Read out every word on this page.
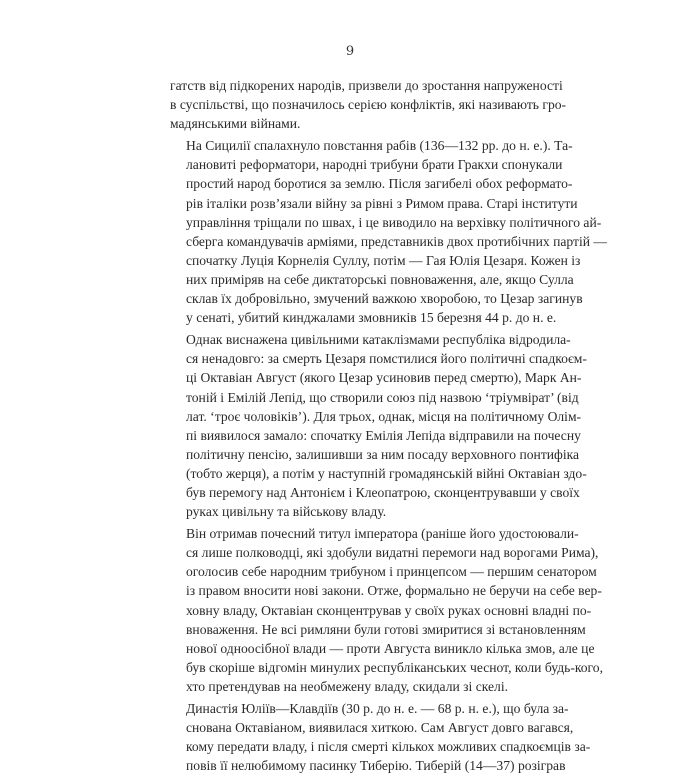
9
гатств від підкорених народів, призвели до зростання напруженості
в суспільстві, що позначилось серією конфліктів, які називають гро-
мадянськими війнами.
На Сицилії спалахнуло повстання рабів (136—132 рр. до н. е.). Та-
лановиті реформатори, народні трибуни брати Гракхи спонукали
простий народ боротися за землю. Після загибелі обох реформато-
рів італіки розв’язали війну за рівні з Римом права. Старі інститути
управління тріщали по швах, і це виводило на верхівку політичного ай-
сберга командувачів арміями, представників двох протибічних партій —
спочатку Луція Корнелія Суллу, потім — Гая Юлія Цезаря. Кожен із
них приміряв на себе диктаторські повноваження, але, якщо Сулла
склав їх добровільно, змучений важкою хворобою, то Цезар загинув
у сенаті, убитий кинджалами змовників 15 березня 44 р. до н. е.
Однак виснажена цивільними катаклізмами республіка відродила-
ся ненадовго: за смерть Цезаря помстилися його політичні спадкоєм-
ці Октавіан Август (якого Цезар усиновив перед смертю), Марк Ан-
тоній і Емілій Лепід, що створили союз під назвою ‘тріумвірат’ (від
лат. ‘троє чоловіків’). Для трьох, однак, місця на політичному Олім-
пі виявилося замало: спочатку Емілія Лепіда відправили на почесну
політичну пенсію, залишивши за ним посаду верховного понтифіка
(тобто жерця), а потім у наступній громадянській війні Октавіан здо-
був перемогу над Антонієм і Клеопатрою, сконцентрувавши у своїх
руках цивільну та військову владу.
Він отримав почесний титул імператора (раніше його удостоювали-
ся лише полководці, які здобули видатні перемоги над ворогами Рима),
оголосив себе народним трибуном і принцепсом — першим сенатором
із правом вносити нові закони. Отже, формально не беручи на себе вер-
ховну владу, Октавіан сконцентрував у своїх руках основні владні по-
вноваження. Не всі римляни були готові змиритися зі встановленням
нової одноосібної влади — проти Августа виникло кілька змов, але це
був скоріше відгомін минулих республіканських чеснот, коли будь-кого,
хто претендував на необмежену владу, скидали зі скелі.
Династія Юліїв—Клавдіїв (30 р. до н. е. — 68 р. н. е.), що була за-
снована Октавіаном, виявилася хиткою. Сам Август довго вагався,
кому передати владу, і після смерті кількох можливих спадкоємців за-
повів її нелюбимому пасинку Тиберію. Тиберій (14—37) розіграв
